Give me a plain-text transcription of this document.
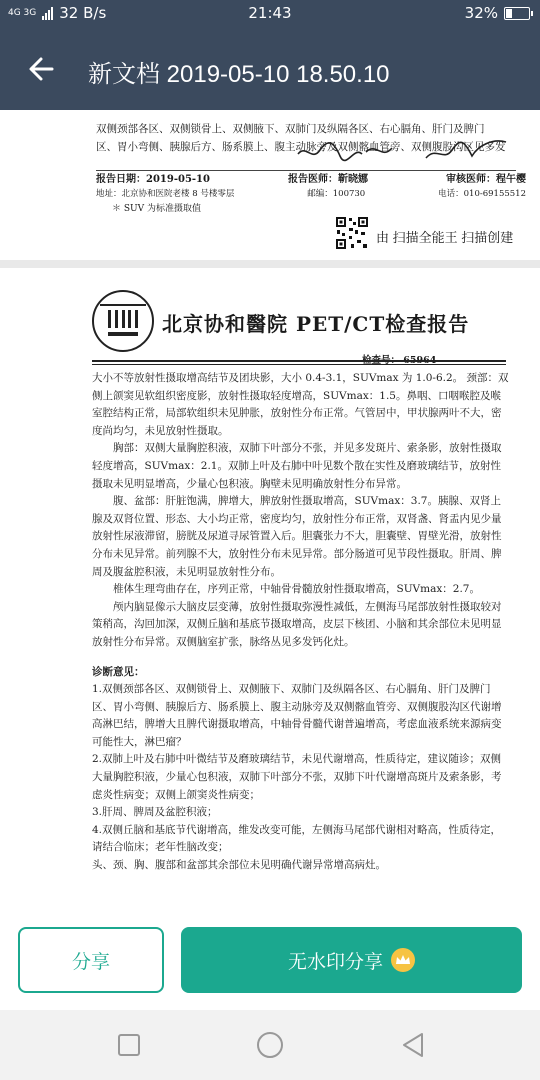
4G 3G 32 B/s	21:43	32%
新文档 2019-05-10 18.50.10
双侧颈部各区、双侧锁骨上、双侧腋下、双肺门及纵隔各区、右心膈角、肝门及脾门
区、胃小弯侧、胰腺后方、肠系膜上、腹主动脉旁及双侧髂血管旁、双侧腹股沟区见多发
报告日期：2019-05-10	报告医师：靳晓娜	审核医师：程午樱
地址：北京协和医院老楼 8 号楼零层	邮编：100730	电话：010-69155512
＊ SUV 为标准摄取值
由 扫描全能王 扫描创建
北京协和醫院 PET/CT检查报告

大小不等放射性摄取增高结节及团块影，大小 0.4-3.1，SUVmax 为 1.0-6.2。 颈部：双侧上颌窦见软组织密度影，放射性摄取轻度增高，SUVmax：1.5。鼻咽、口咽喉腔及喉室腔结构正常，局部软组织未见肿胀，放射性分布正常。气管居中，甲状腺两叶不大，密度尚均匀，未见放射性摄取。

胸部：双侧大量胸腔积液，双肺下叶部分不张，并见多发斑片、索条影，放射性摄取轻度增高，SUVmax：2.1。双肺上叶及右肺中叶见数个散在实性及磨玻璃结节，放射性摄取未见明显增高，少量心包积液。胸壁未见明确放射性分布异常。

腹、盆部：肝脏饱满，脾增大，脾放射性摄取增高，SUVmax：3.7。胰腺、双肾上腺及双肾位置、形态、大小均正常，密度均匀，放射性分布正常，双肾盏、肾盂内见少量放射性尿液滞留，膀胱及尿道寻尿管置入后。胆囊张力不大，胆囊壁、胃壁光滑，放射性分布未见异常。前列腺不大，放射性分布未见异常。部分肠道可见节段性摄取。肝周、脾周及腹盆腔积液，未见明显放射性分布。

椎体生理弯曲存在，序列正常，中轴骨骨髓放射性摄取增高，SUVmax：2.7。

颅内脑显像示大脑皮层变薄，放射性摄取弥漫性减低，左侧海马尾部放射性摄取较对策稍高，沟回加深，双侧丘脑和基底节摄取增高，皮层下核团、小脑和其余部位未见明显放射性分布异常。双侧脑室扩张，脉络丛见多发钙化灶。

诊断意见：

1.双侧颈部各区、双侧锁骨上、双侧腋下、双肺门及纵隔各区、右心膈角、肝门及脾门区、胃小弯侧、胰腺后方、肠系膜上、腹主动脉旁及双侧髂血管旁、双侧腹股沟区代谢增高淋巴结，脾增大且脾代谢摄取增高，中轴骨骨髓代谢普遍增高，考虑血液系统来源病变可能性大，淋巴瘤？

2.双肺上叶及右肺中叶微结节及磨玻璃结节，未见代谢增高，性质待定，建议随诊；双侧大量胸腔积液，少量心包积液，双肺下叶部分不张，双肺下叶代谢增高斑片及索条影，考虑炎性病变；双侧上颌窦炎性病变；

3.肝周、脾周及盆腔积液；

4.双侧丘脑和基底节代谢增高，维发改变可能，左侧海马尾部代谢相对略高，性质待定，请结合临床；老年性脑改变；

头、颈、胸、腹部和盆部其余部位未见明确代谢异常增高病灶。

分享	无水印分享
